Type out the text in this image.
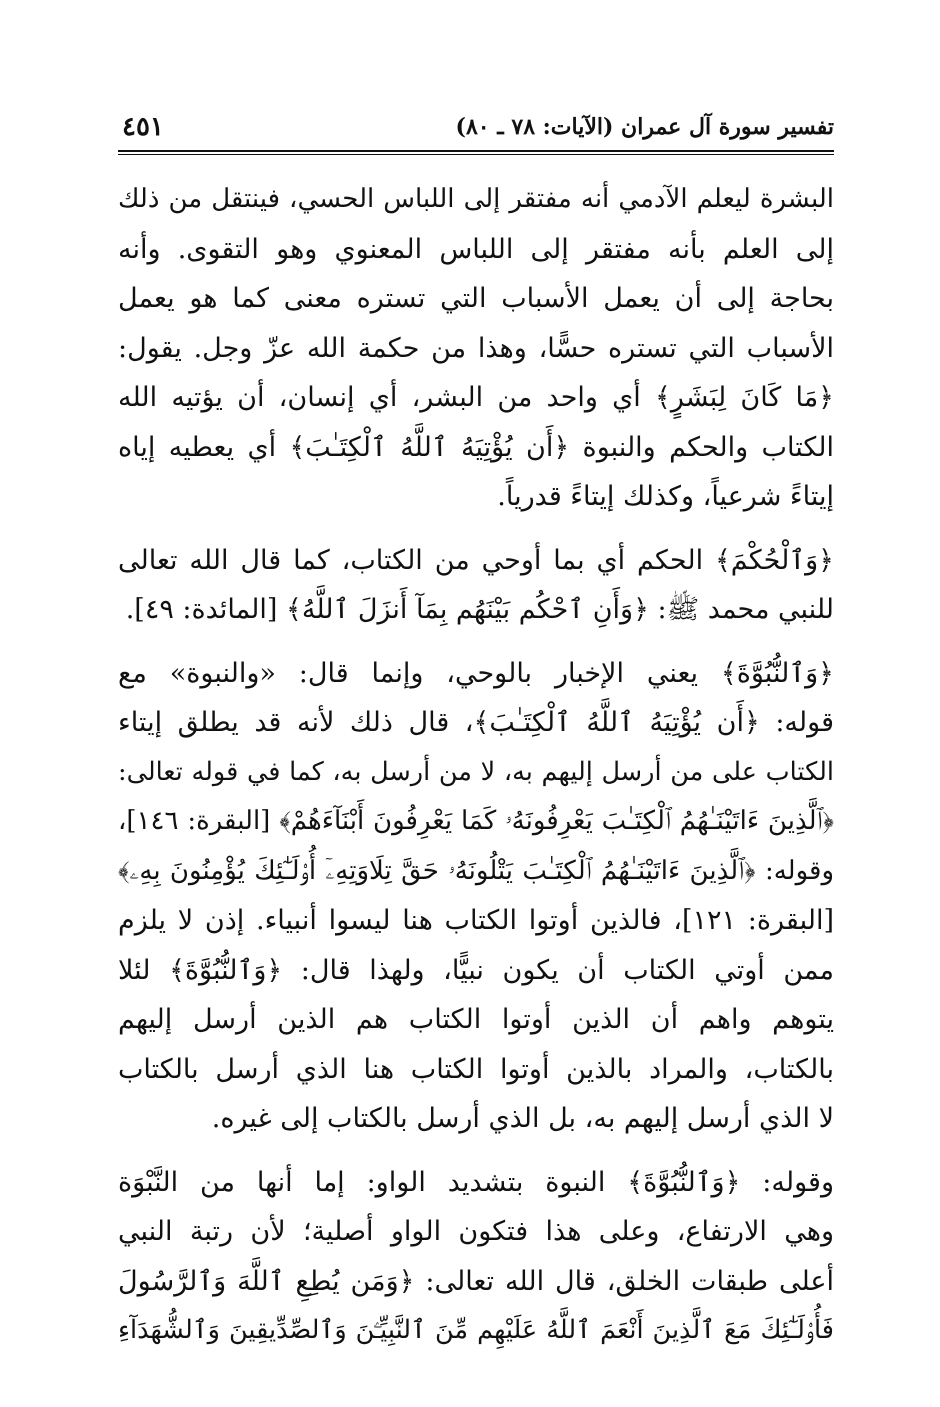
تفسير سورة آل عمران (الآيات: ٧٨ ـ ٨٠)
٤٥١
البشرة ليعلم الآدمي أنه مفتقر إلى اللباس الحسي، فينتقل من ذلك
إلى العلم بأنه مفتقر إلى اللباس المعنوي وهو التقوى. وأنه
بحاجة إلى أن يعمل الأسباب التي تستره معنى كما هو يعمل
الأسباب التي تستره حسًّا، وهذا من حكمة الله عزّ وجل. يقول:
﴿مَا كَانَ لِبَشَرٍ﴾ أي واحد من البشر، أي إنسان، أن يؤتيه الله
الكتاب والحكم والنبوة ﴿أَن يُؤْتِيَهُ ٱللَّهُ ٱلْكِتَـٰبَ﴾ أي يعطيه إياه
إيتاءً شرعياً، وكذلك إيتاءً قدرياً.
﴿وَٱلْحُكْمَ﴾ الحكم أي بما أوحي من الكتاب، كما قال الله تعالى
للنبي محمد ﷺ: ﴿وَأَنِ ٱحْكُم بَيْنَهُم بِمَآ أَنزَلَ ٱللَّهُ﴾ [المائدة: ٤٩].
﴿وَٱلنُّبُوَّةَ﴾ يعني الإخبار بالوحي، وإنما قال: «والنبوة» مع
قوله: ﴿أَن يُؤْتِيَهُ ٱللَّهُ ٱلْكِتَـٰبَ﴾، قال ذلك لأنه قد يطلق إيتاء
الكتاب على من أرسل إليهم به، لا من أرسل به، كما في قوله تعالى:
﴿ٱلَّذِينَ ءَاتَيْنَـٰهُمُ ٱلْكِتَـٰبَ يَعْرِفُونَهُۥ كَمَا يَعْرِفُونَ أَبْنَآءَهُمْ﴾ [البقرة: ١٤٦]،
وقوله: ﴿ٱلَّذِينَ ءَاتَيْنَـٰهُمُ ٱلْكِتَـٰبَ يَتْلُونَهُۥ حَقَّ تِلَاوَتِهِۦٓ أُو۟لَـٰٓئِكَ يُؤْمِنُونَ بِهِۦ﴾
[البقرة: ١٢١]، فالذين أوتوا الكتاب هنا ليسوا أنبياء. إذن لا يلزم
ممن أوتي الكتاب أن يكون نبيًّا، ولهذا قال: ﴿وَٱلنُّبُوَّةَ﴾ لئلا
يتوهم واهم أن الذين أوتوا الكتاب هم الذين أرسل إليهم
بالكتاب، والمراد بالذين أوتوا الكتاب هنا الذي أرسل بالكتاب
لا الذي أرسل إليهم به، بل الذي أرسل بالكتاب إلى غيره.
وقوله: ﴿وَٱلنُّبُوَّةَ﴾ النبوة بتشديد الواو: إما أنها من النَّبْوَة
وهي الارتفاع، وعلى هذا فتكون الواو أصلية؛ لأن رتبة النبي
أعلى طبقات الخلق، قال الله تعالى: ﴿وَمَن يُطِعِ ٱللَّهَ وَٱلرَّسُولَ
فَأُو۟لَـٰٓئِكَ مَعَ ٱلَّذِينَ أَنْعَمَ ٱللَّهُ عَلَيْهِم مِّنَ ٱلنَّبِيِّـۧنَ وَٱلصِّدِّيقِينَ وَٱلشُّهَدَآءِ
